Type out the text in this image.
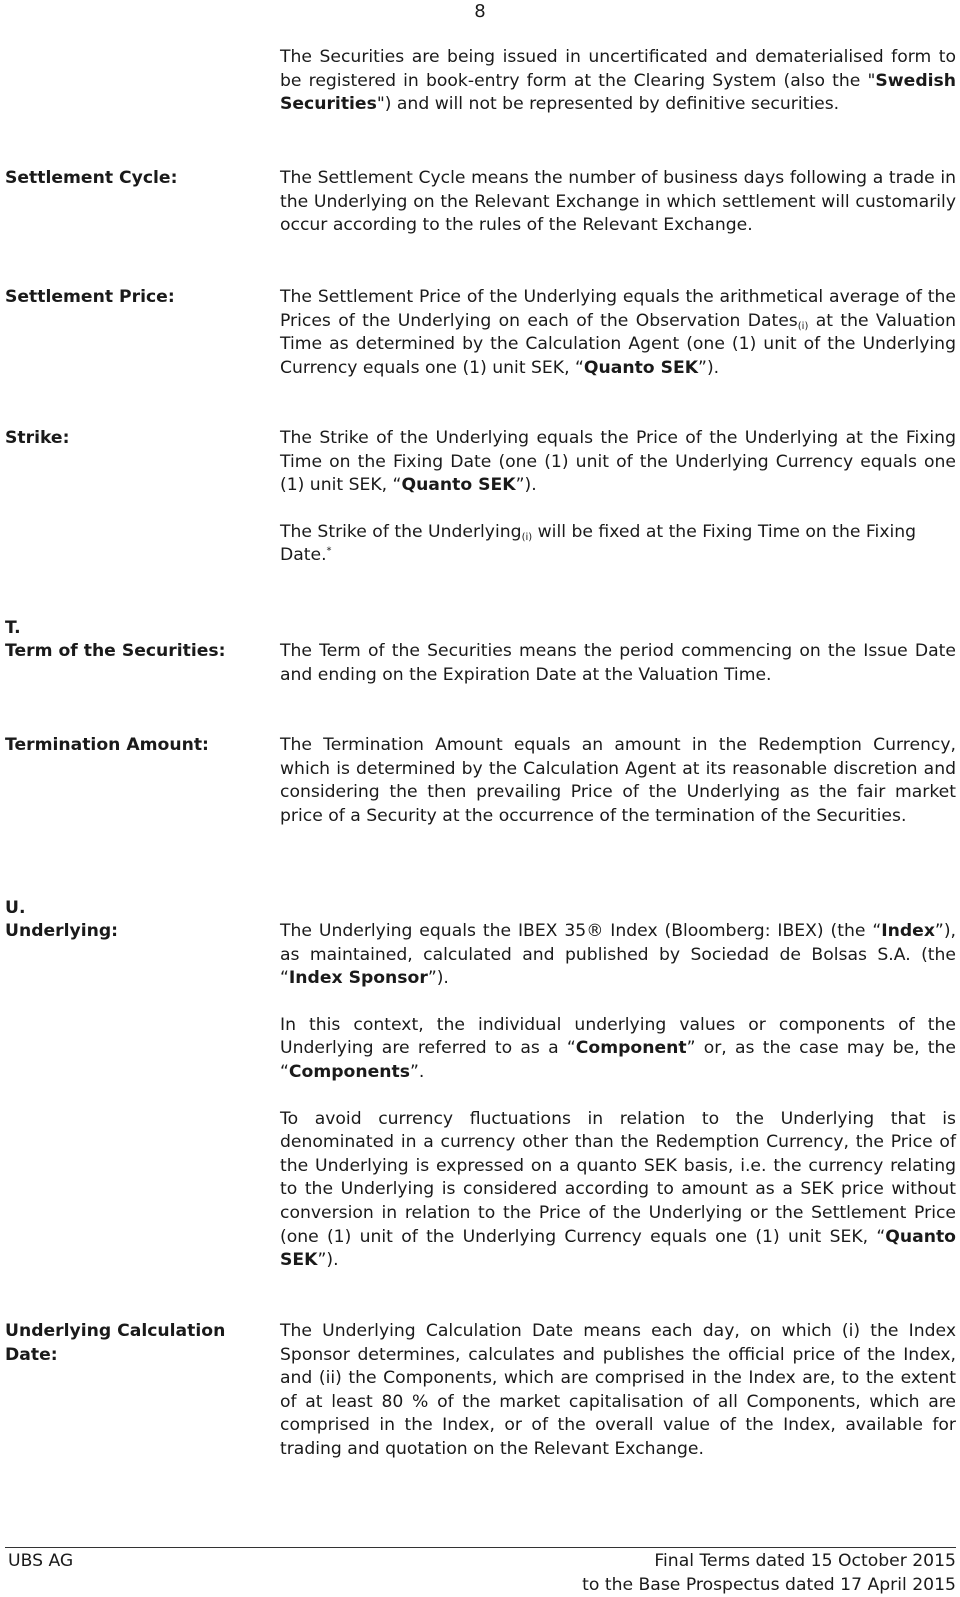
8

The Securities are being issued in uncertificated and dematerialised form to be registered in book-entry form at the Clearing System (also the "Swedish Securities") and will not be represented by definitive securities.

Settlement Cycle:	The Settlement Cycle means the number of business days following a trade in the Underlying on the Relevant Exchange in which settlement will customarily occur according to the rules of the Relevant Exchange.

Settlement Price:	The Settlement Price of the Underlying equals the arithmetical average of the Prices of the Underlying on each of the Observation Dates$_{(i)}$ at the Valuation Time as determined by the Calculation Agent (one (1) unit of the Underlying Currency equals one (1) unit SEK, “Quanto SEK”).

Strike:	The Strike of the Underlying equals the Price of the Underlying at the Fixing Time on the Fixing Date (one (1) unit of the Underlying Currency equals one (1) unit SEK, “Quanto SEK”).

The Strike of the Underlying$_{(i)}$ will be fixed at the Fixing Time on the Fixing Date.*

T.
Term of the Securities:	The Term of the Securities means the period commencing on the Issue Date and ending on the Expiration Date at the Valuation Time.

Termination Amount:	The Termination Amount equals an amount in the Redemption Currency, which is determined by the Calculation Agent at its reasonable discretion and considering the then prevailing Price of the Underlying as the fair market price of a Security at the occurrence of the termination of the Securities.

U.
Underlying:	The Underlying equals the IBEX 35® Index (Bloomberg: IBEX) (the “Index”), as maintained, calculated and published by Sociedad de Bolsas S.A. (the “Index Sponsor”).

In this context, the individual underlying values or components of the Underlying are referred to as a “Component” or, as the case may be, the “Components”.

To avoid currency fluctuations in relation to the Underlying that is denominated in a currency other than the Redemption Currency, the Price of the Underlying is expressed on a quanto SEK basis, i.e. the currency relating to the Underlying is considered according to amount as a SEK price without conversion in relation to the Price of the Underlying or the Settlement Price (one (1) unit of the Underlying Currency equals one (1) unit SEK, “Quanto SEK”).

Underlying Calculation Date:

The Underlying Calculation Date means each day, on which (i) the Index Sponsor determines, calculates and publishes the official price of the Index, and (ii) the Components, which are comprised in the Index are, to the extent of at least 80 % of the market capitalisation of all Components, which are comprised in the Index, or of the overall value of the Index, available for trading and quotation on the Relevant Exchange.

UBS AG	Final Terms dated 15 October 2015
to the Base Prospectus dated 17 April 2015
